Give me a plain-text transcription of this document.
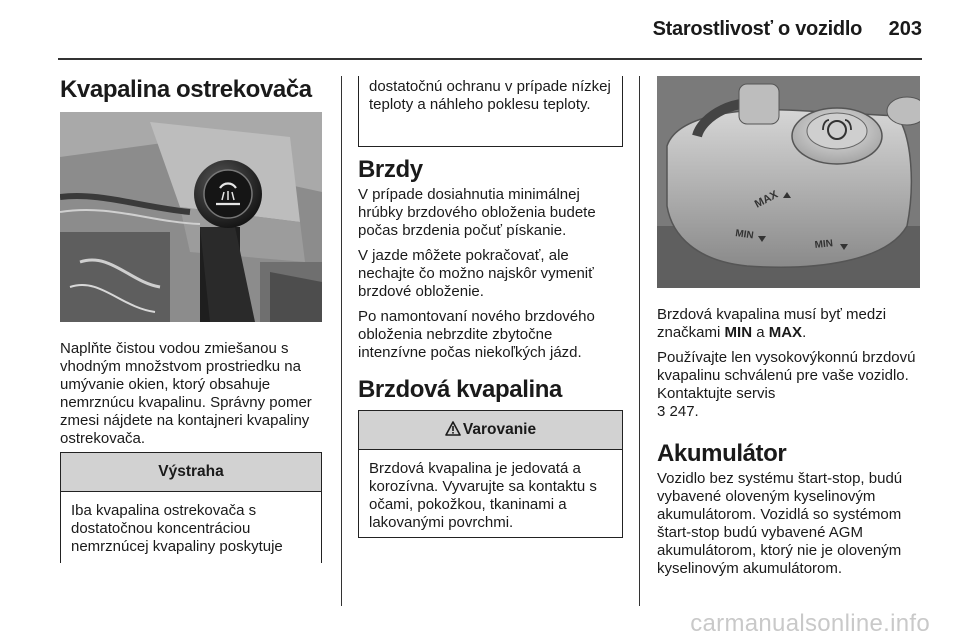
Starostlivosť o vozidlo	203
Kvapalina ostrekovača

Naplňte čistou vodou zmiešanou s vhodným množstvom prostriedku na umývanie okien, ktorý obsahuje nemrznúcu kvapalinu. Správny pomer zmesi nájdete na kontajneri kvapaliny ostrekovača.

Výstraha
Iba kvapalina ostrekovača s dostatočnou koncentráciou nemrznúcej kvapaliny poskytuje
dostatočnú ochranu v prípade nízkej teploty a náhleho poklesu teploty.
Brzdy

V prípade dosiahnutia minimálnej hrúbky brzdového obloženia budete počas brzdenia počuť pískanie.

V jazde môžete pokračovať, ale nechajte čo možno najskôr vymeniť brzdové obloženie.

Po namontovaní nového brzdového obloženia nebrzdite zbytočne intenzívne počas niekoľkých jázd.

Brzdová kvapalina
Varovanie
Brzdová kvapalina je jedovatá a korozívna. Vyvarujte sa kontaktu s očami, pokožkou, tkaninami a lakovanými povrchmi.
MAX
MIN
MIN

Brzdová kvapalina musí byť medzi značkami MIN a MAX.

Používajte len vysokovýkonnú brzdovú kvapalinu schválenú pre vaše vozidlo. Kontaktujte servis

3 247.

Akumulátor

Vozidlo bez systému štart-stop, budú vybavené oloveným kyselinovým akumulátorom. Vozidlá so systémom štart-stop budú vybavené AGM akumulátorom, ktorý nie je oloveným kyselinovým akumulátorom.

carmanualsonline.info
